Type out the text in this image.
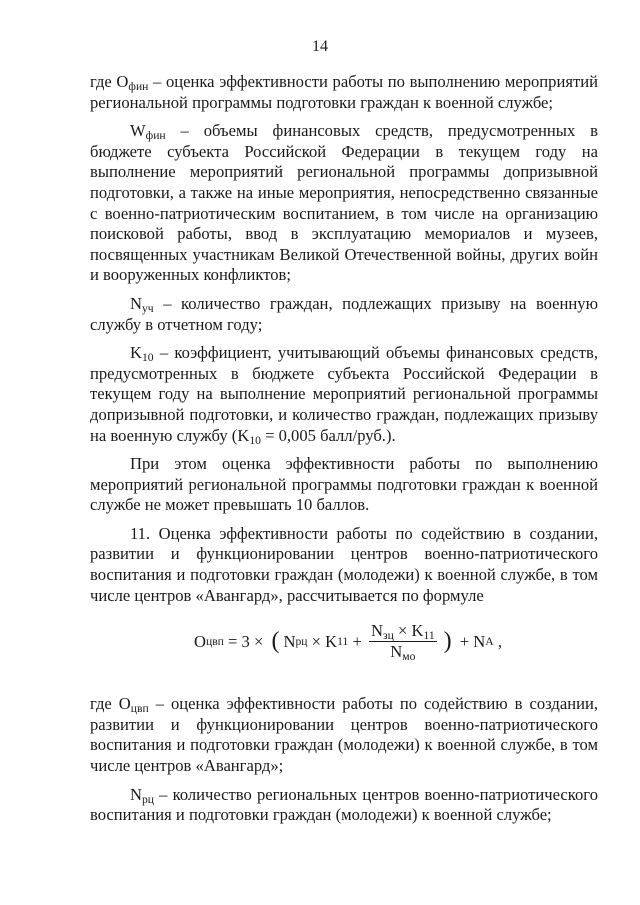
14

где $О_{фин}$ – оценка эффективности работы по выполнению мероприятий региональной программы подготовки граждан к военной службе;

$W_{фин}$ – объемы финансовых средств, предусмотренных в бюджете субъекта Российской Федерации в текущем году на выполнение мероприятий региональной программы допризывной подготовки, а также на иные мероприятия, непосредственно связанные с военно-патриотическим воспитанием, в том числе на организацию поисковой работы, ввод в эксплуатацию мемориалов и музеев, посвященных участникам Великой Отечественной войны, других войн и вооруженных конфликтов;

$N_{уч}$ – количество граждан, подлежащих призыву на военную службу в отчетном году;

$K_{10}$ – коэффициент, учитывающий объемы финансовых средств, предусмотренных в бюджете субъекта Российской Федерации в текущем году на выполнение мероприятий региональной программы допризывной подготовки, и количество граждан, подлежащих призыву на военную службу ($K_{10} = 0,005$ балл/руб.).

При этом оценка эффективности работы по выполнению мероприятий региональной программы подготовки граждан к военной службе не может превышать 10 баллов.

11. Оценка эффективности работы по содействию в создании, развитии и функционировании центров военно-патриотического воспитания и подготовки граждан (молодежи) к военной службе, в том числе центров «Авангард», рассчитывается по формуле

О цвп = 3 × ( N рц × K $11 + \frac{N_{зц} \times K_{11}}{N_{мо}}$ ) + N А ,

где $О_{цвп}$ – оценка эффективности работы по содействию в создании, развитии и функционировании центров военно-патриотического воспитания и подготовки граждан (молодежи) к военной службе, в том числе центров «Авангард»;

$N_{рц}$ – количество региональных центров военно-патриотического воспитания и подготовки граждан (молодежи) к военной службе;
